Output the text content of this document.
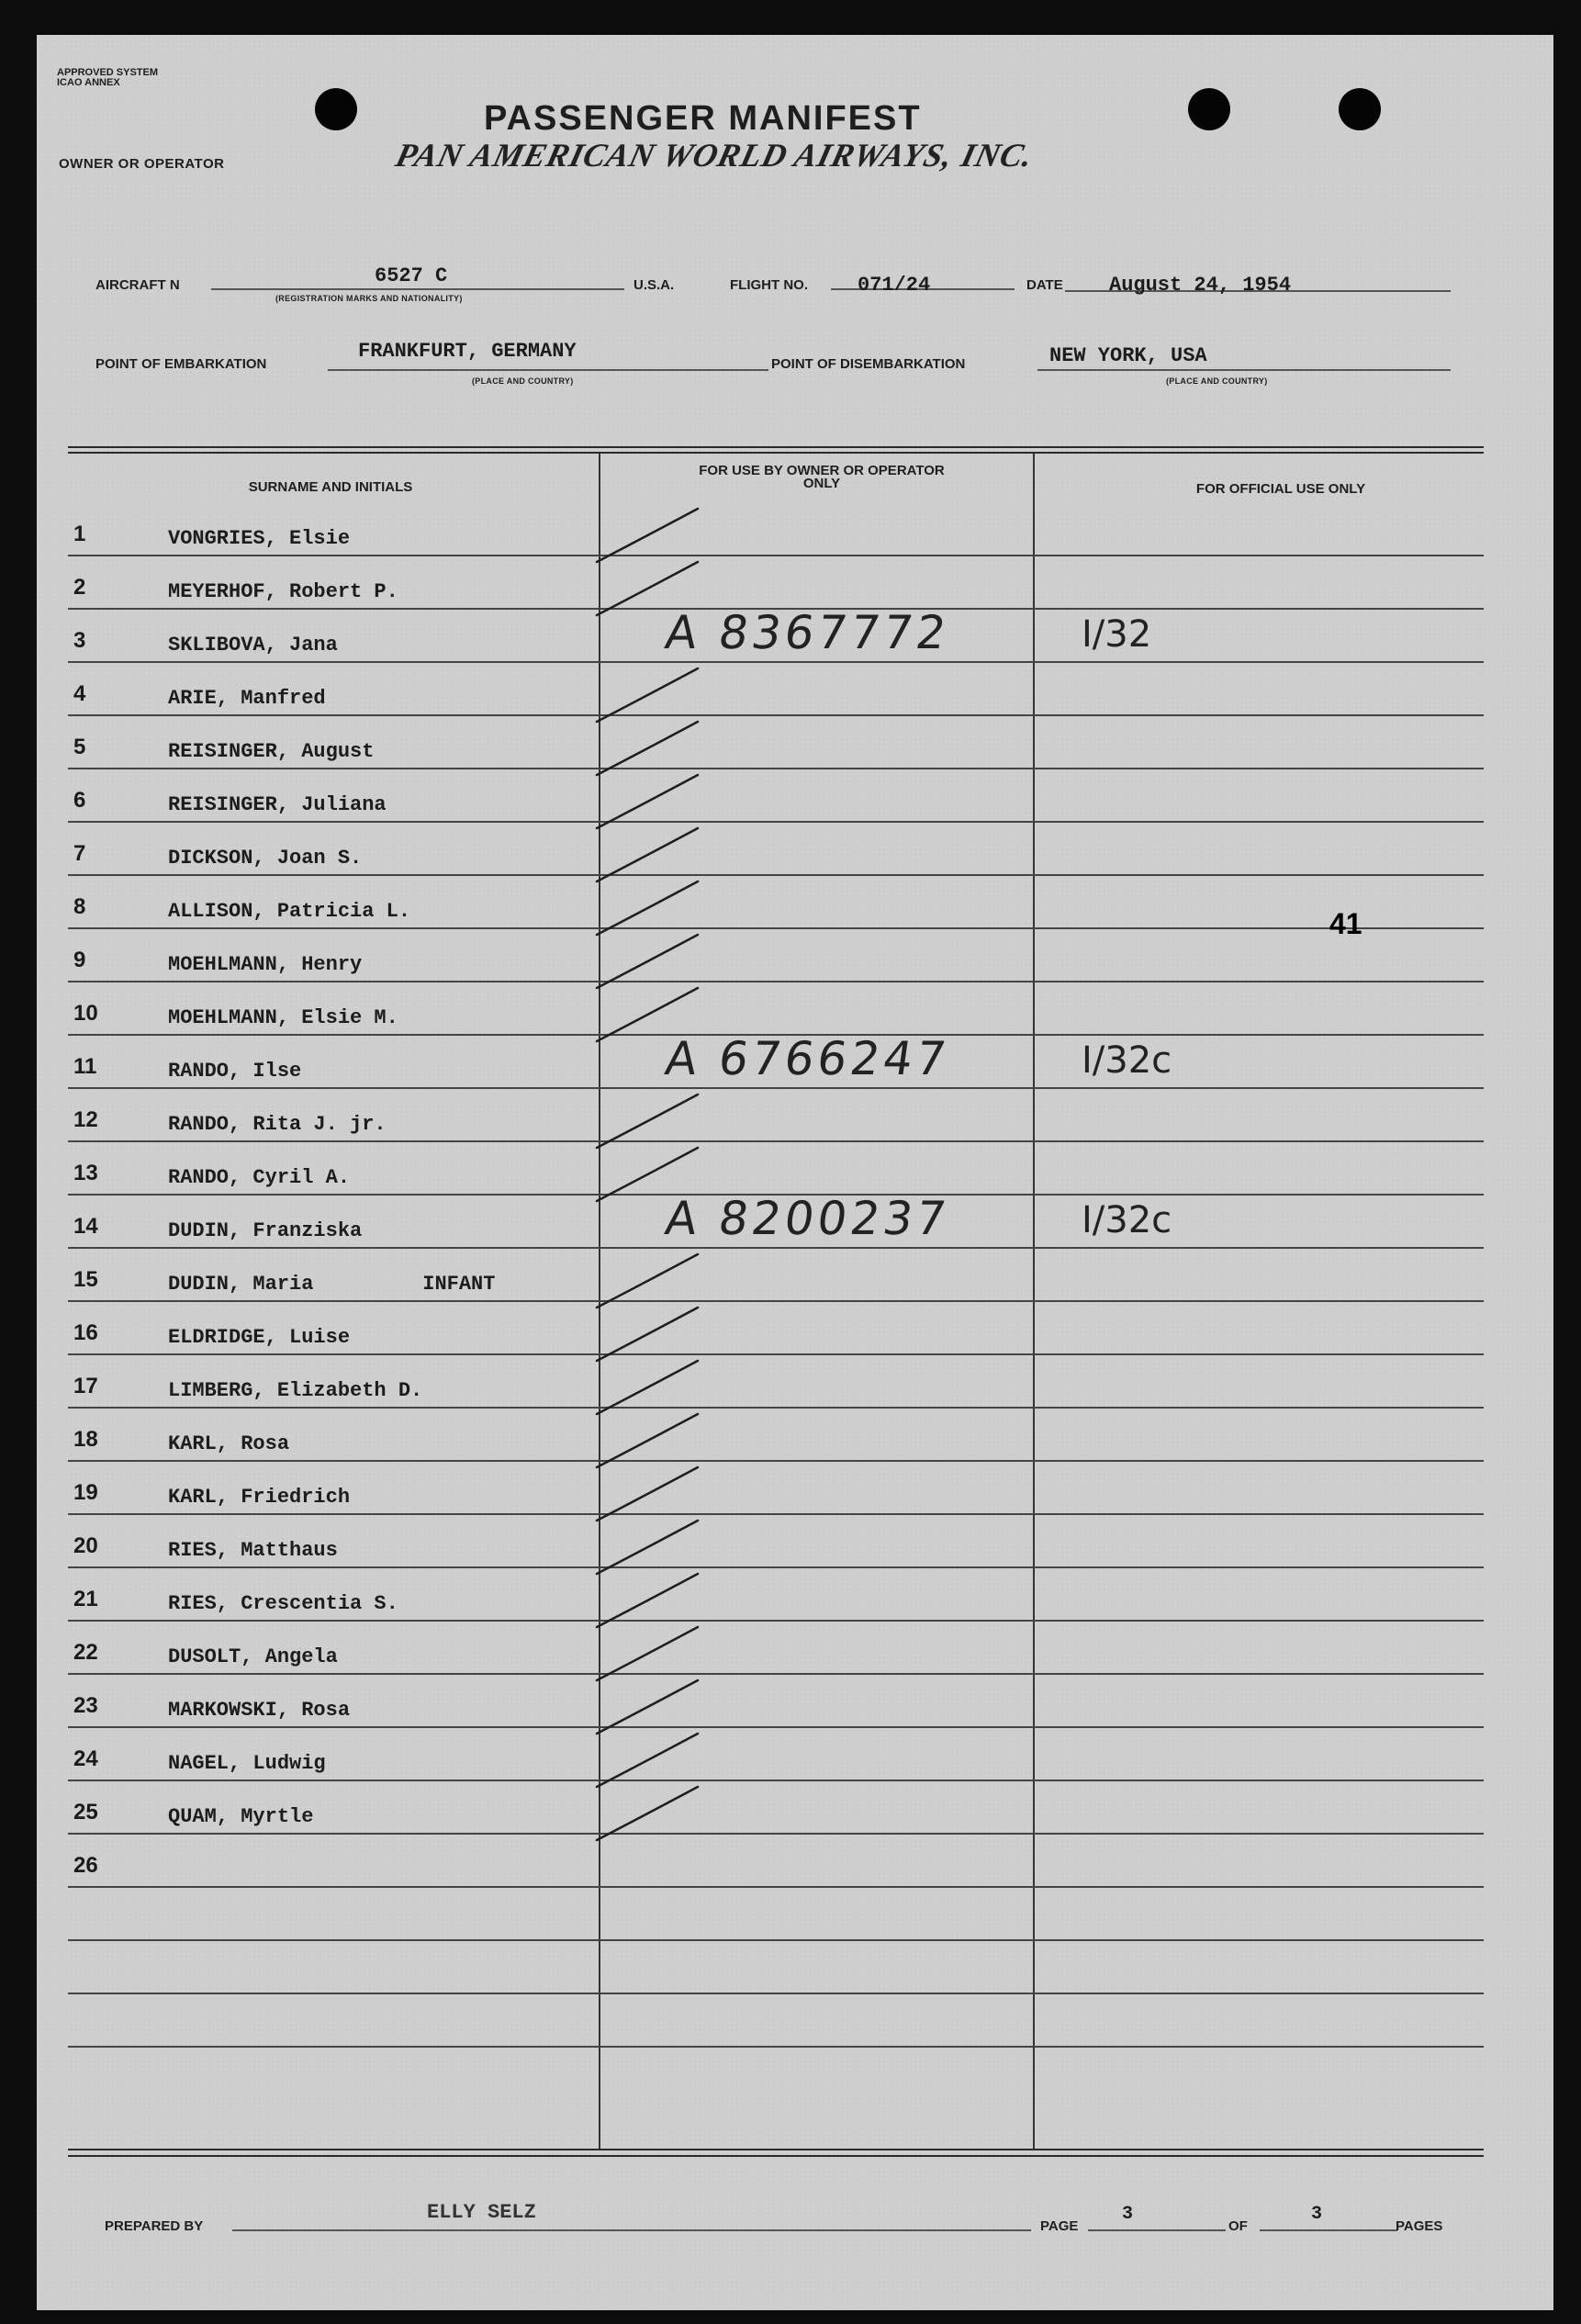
APPROVED SYSTEM ICAO ANNEX
PASSENGER MANIFEST
OWNER OR OPERATOR	PAN AMERICAN WORLD AIRWAYS, INC.
AIRCRAFT N	6527 C
(REGISTRATION MARKS AND NATIONALITY)
U.S.A.	FLIGHT NO. 071/24	DATE August 24, 1954
POINT OF EMBARKATION
FRANKFURT, GERMANY
(PLACE AND COUNTRY)
POINT OF DISEMBARKATION	NEW YORK, USA
(PLACE AND COUNTRY)
SURNAME AND INITIALS
FOR USE BY OWNER OR OPERATOR ONLY	FOR OFFICIAL USE ONLY
1	VONGRIES, Elsie
2	MEYERHOF, Robert P.
3	SKLIBOVA, Jana	A 8367772	I/32
4	ARIE, Manfred
5	REISINGER, August
6	REISINGER, Juliana
7	DICKSON, Joan S.
8	ALLISON, Patricia L.
9	MOEHLMANN, Henry
10	MOEHLMANN, Elsie M.
11	RANDO, Ilse	A 6766247	I/32c
12	RANDO, Rita J. jr.
13	RANDO, Cyril A.
14	DUDIN, Franziska	A 8200237	I/32c
15	DUDIN, Maria         INFANT
16	ELDRIDGE, Luise
17	LIMBERG, Elizabeth D.
18	KARL, Rosa
19	KARL, Friedrich
20	RIES, Matthaus
21	RIES, Crescentia S.
22	DUSOLT, Angela
23	MARKOWSKI, Rosa
24	NAGEL, Ludwig
25	QUAM, Myrtle
26
41
PREPARED BY
ELLY SELZ
PAGE
3
OF
3
PAGES
